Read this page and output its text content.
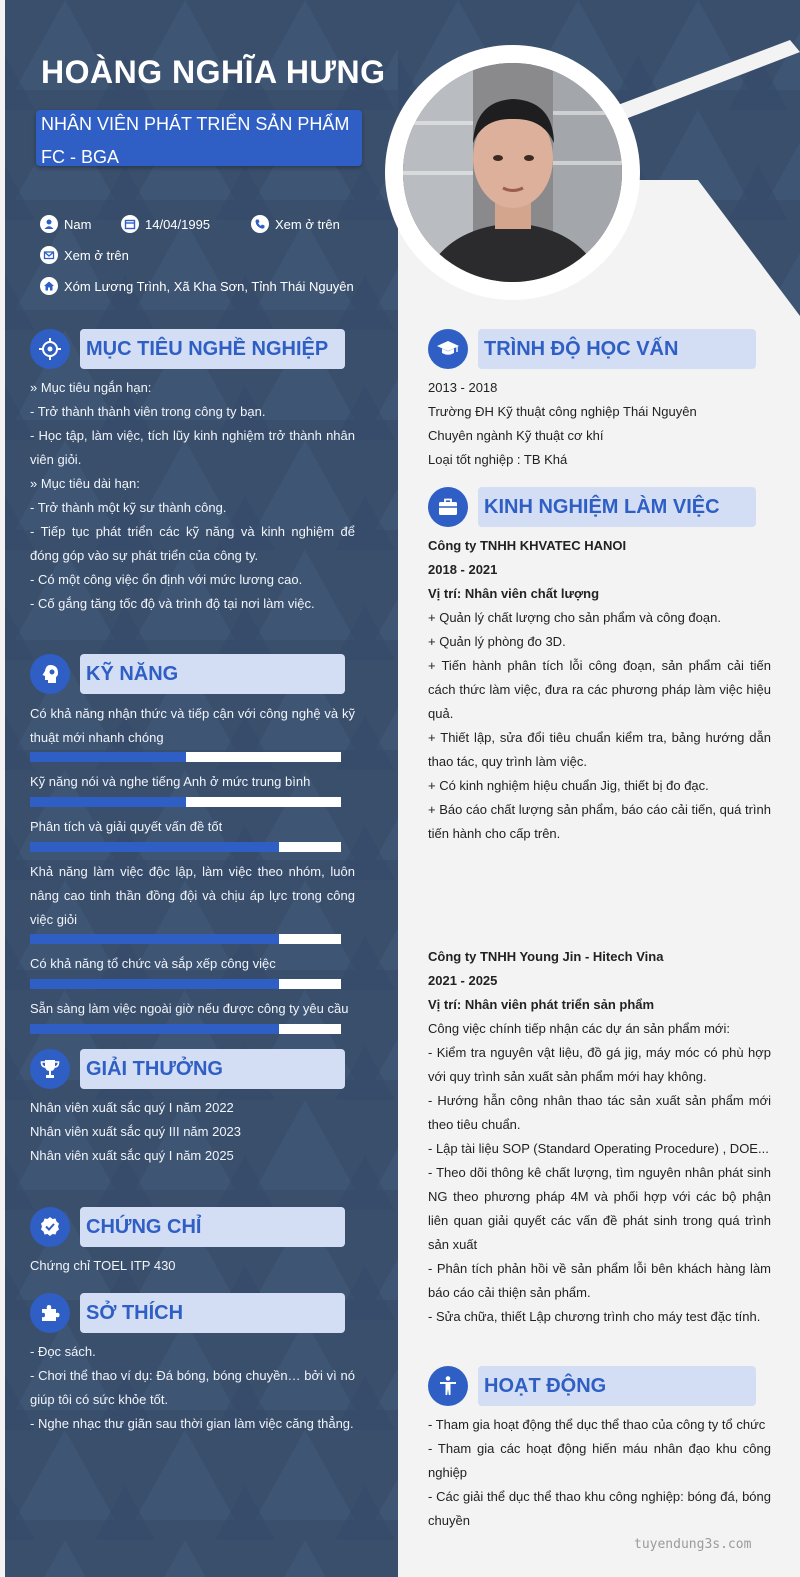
HOÀNG NGHĨA HƯNG
NHÂN VIÊN PHÁT TRIỂN SẢN PHẨM
FC - BGA
Nam	14/04/1995	Xem ở trên
Xem ở trên
Xóm Lương Trình, Xã Kha Sơn, Tỉnh Thái Nguyên
MỤC TIÊU NGHỀ NGHIỆP
» Mục tiêu ngắn hạn:
- Trở thành thành viên trong công ty bạn.
- Học tập, làm việc, tích lũy kinh nghiệm trở thành nhân viên giỏi.
» Mục tiêu dài hạn:
- Trở thành một kỹ sư thành công.
- Tiếp tục phát triển các kỹ năng và kinh nghiệm để đóng góp vào sự phát triển của công ty.
- Có một công việc ổn định với mức lương cao.
- Cố gắng tăng tốc độ và trình độ tại nơi làm việc.
KỸ NĂNG
Có khả năng nhận thức và tiếp cận với công nghệ và kỹ thuật mới nhanh chóng
Kỹ năng nói và nghe tiếng Anh ở mức trung bình
Phân tích và giải quyết vấn đề tốt
Khả năng làm việc độc lập, làm việc theo nhóm, luôn nâng cao tinh thần đồng đội và chịu áp lực trong công việc giỏi
Có khả năng tổ chức và sắp xếp công việc
Sẵn sàng làm việc ngoài giờ nếu được công ty yêu cầu
GIẢI THƯỞNG
Nhân viên xuất sắc quý I năm 2022
Nhân viên xuất sắc quý III năm 2023
Nhân viên xuất sắc quý I năm 2025
CHỨNG CHỈ
Chứng chỉ TOEL ITP 430
SỞ THÍCH
- Đọc sách.
- Chơi thể thao ví dụ: Đá bóng, bóng chuyền… bởi vì nó giúp tôi có sức khỏe tốt.
- Nghe nhạc thư giãn sau thời gian làm việc căng thẳng.
TRÌNH ĐỘ HỌC VẤN
2013 - 2018
Trường ĐH Kỹ thuật công nghiệp Thái Nguyên
Chuyên ngành Kỹ thuật cơ khí
Loại tốt nghiệp : TB Khá
KINH NGHIỆM LÀM VIỆC
Công ty TNHH KHVATEC HANOI
2018 - 2021
Vị trí: Nhân viên chất lượng
+ Quản lý chất lượng cho sản phẩm và công đoạn.
+ Quản lý phòng đo 3D.
+ Tiến hành phân tích lỗi công đoạn, sản phẩm cải tiến cách thức làm việc, đưa ra các phương pháp làm việc hiệu quả.
+ Thiết lập, sửa đổi tiêu chuẩn kiểm tra, bảng hướng dẫn thao tác, quy trình làm việc.
+ Có kinh nghiệm hiệu chuẩn Jig, thiết bị đo đạc.
+ Báo cáo chất lượng sản phẩm, báo cáo cải tiến, quá trình tiến hành cho cấp trên.
Công ty TNHH Young Jin - Hitech Vina
2021 - 2025
Vị trí: Nhân viên phát triển sản phẩm
Công việc chính tiếp nhận các dự án sản phẩm mới:
- Kiểm tra nguyên vật liệu, đồ gá jig, máy móc có phù hợp với quy trình sản xuất sản phẩm mới hay không.
- Hướng hẫn công nhân thao tác sản xuất sản phẩm mới theo tiêu chuẩn.
- Lập tài liệu SOP (Standard Operating Procedure) , DOE...
- Theo dõi thông kê chất lượng, tìm nguyên nhân phát sinh NG theo phương pháp 4M và phối hợp với các bộ phận liên quan giải quyết các vấn đề phát sinh trong quá trình sản xuất
- Phân tích phản hồi về sản phẩm lỗi bên khách hàng làm báo cáo cải thiện sản phẩm.
- Sửa chữa, thiết Lập chương trình cho máy test đặc tính.
HOẠT ĐỘNG
- Tham gia hoạt động thể dục thể thao của công ty tổ chức
- Tham gia các hoạt động hiến máu nhân đạo khu công nghiệp
- Các giải thể dục thể thao khu công nghiệp: bóng đá, bóng chuyền
tuyendung3s.com
